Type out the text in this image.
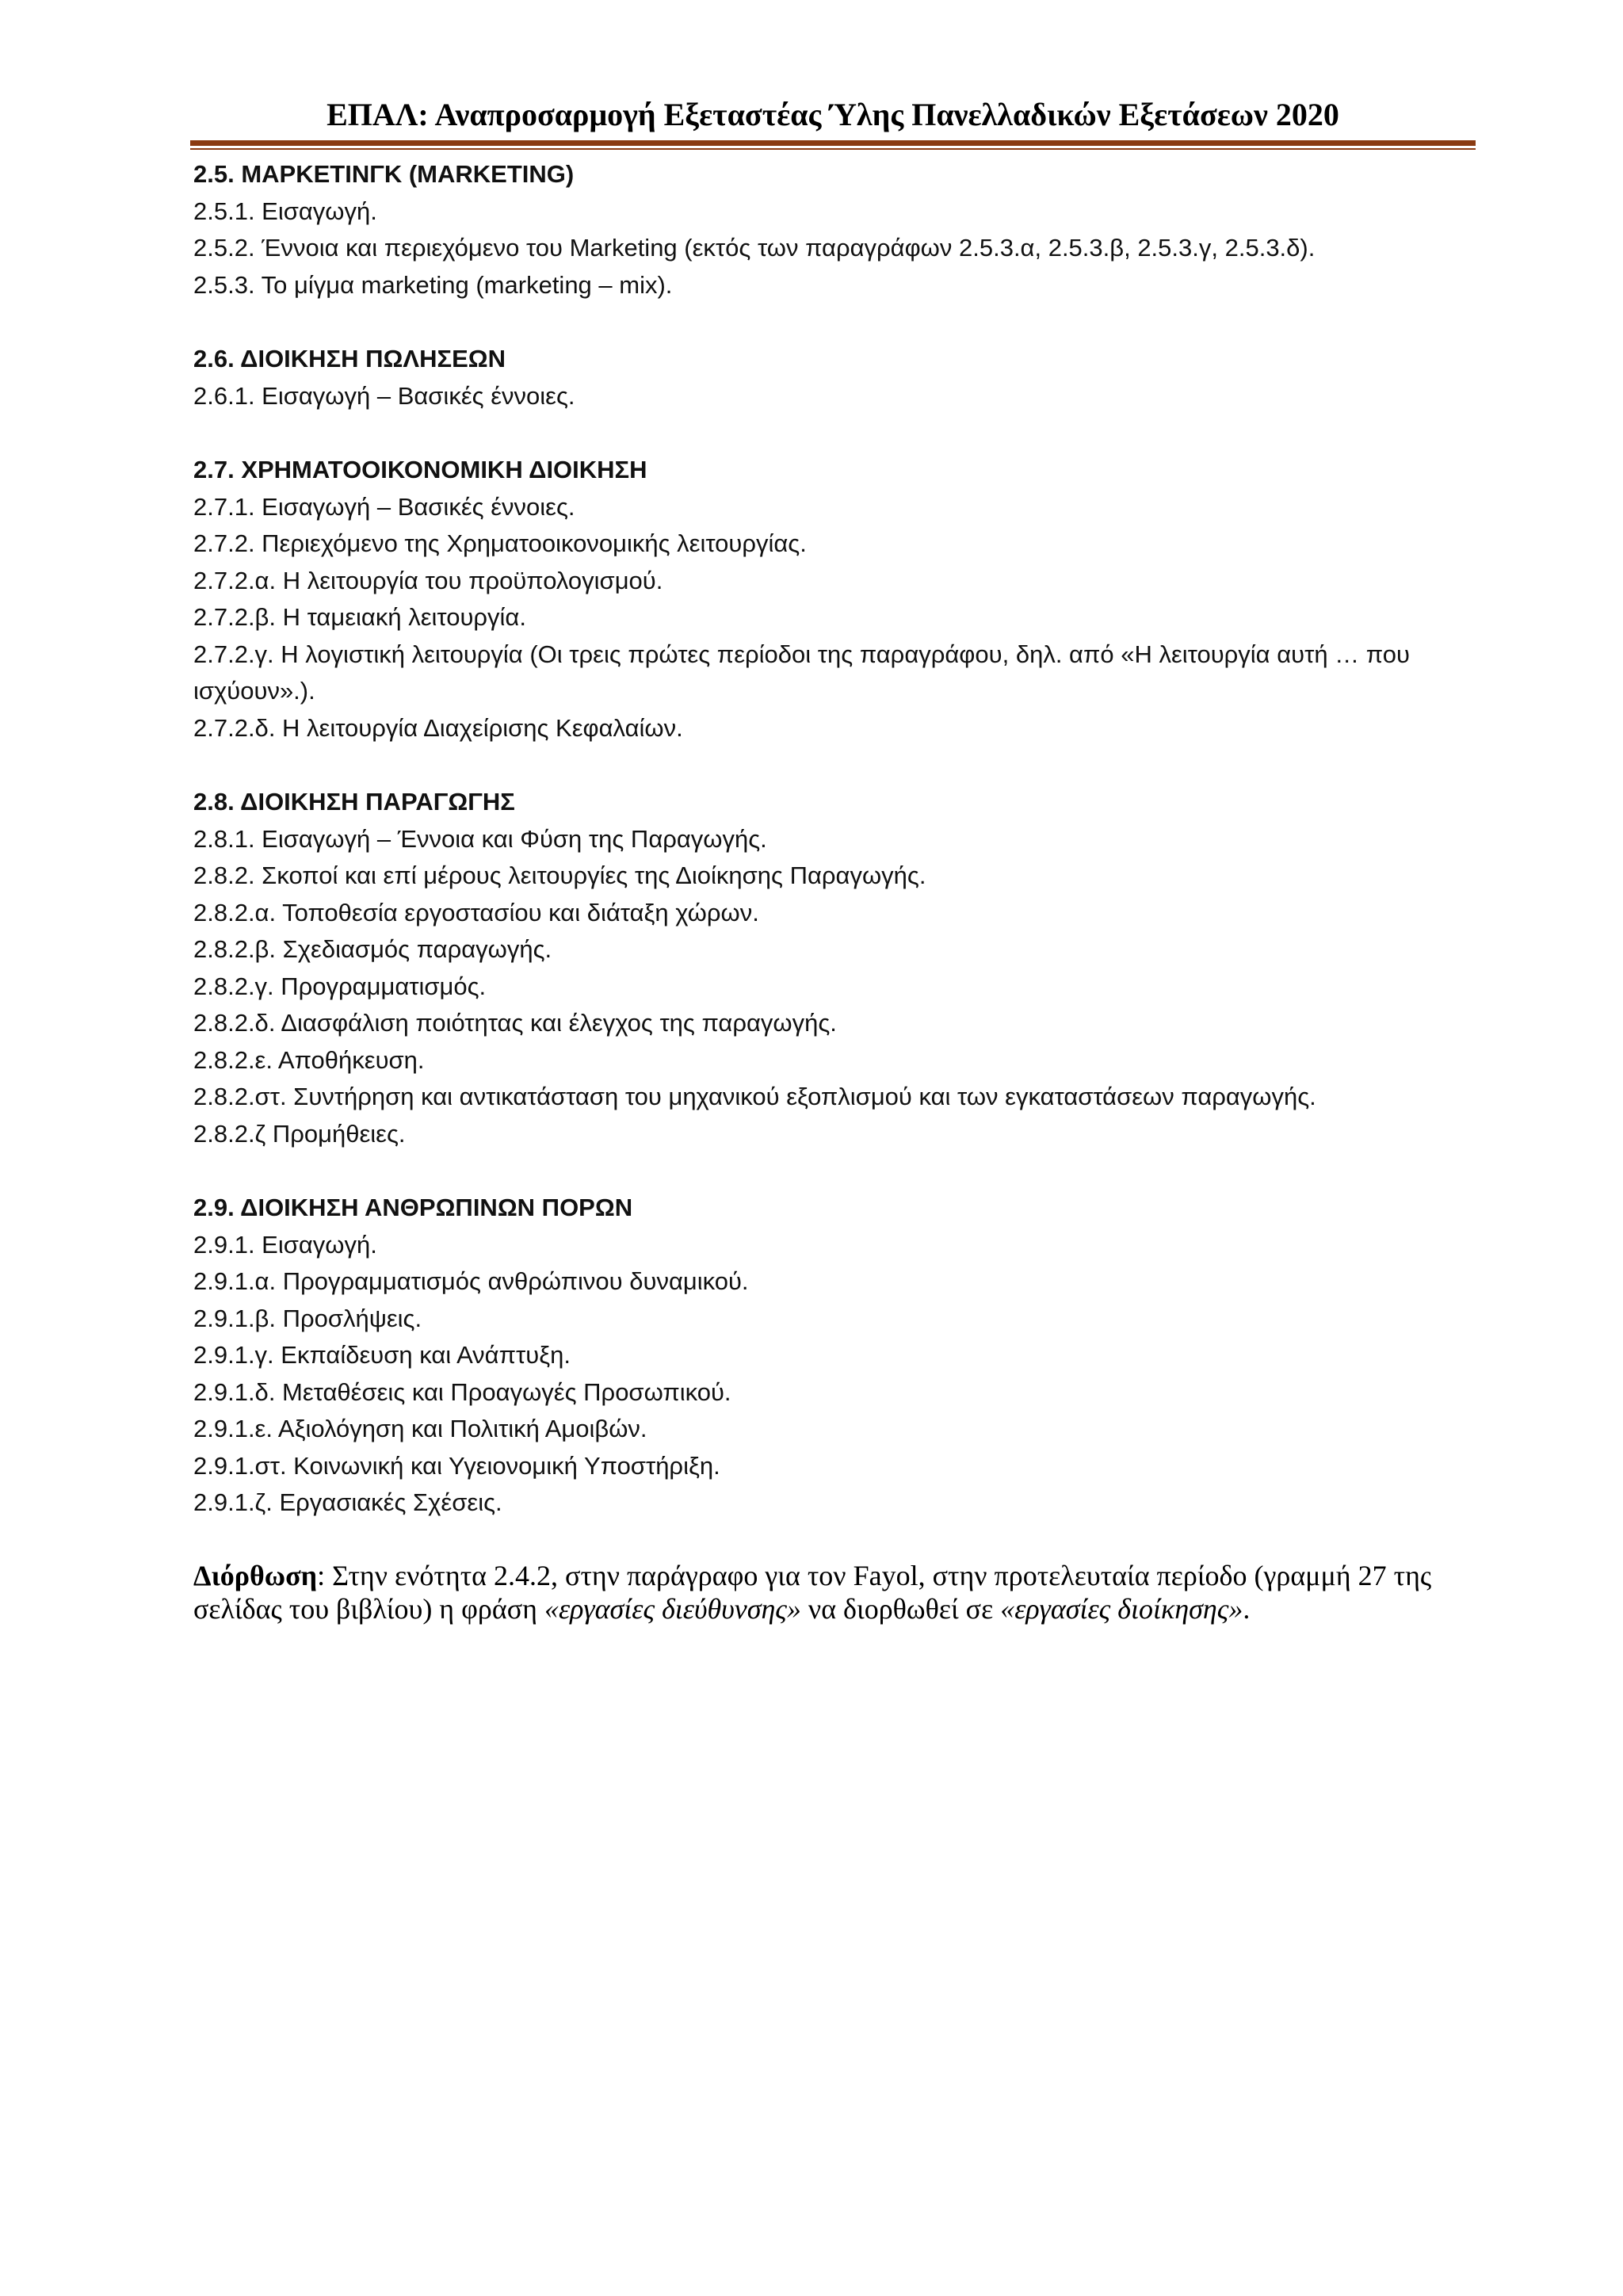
ΕΠΑΛ: Αναπροσαρμογή Εξεταστέας Ύλης Πανελλαδικών Εξετάσεων 2020
2.5. ΜΑΡΚΕΤΙΝΓΚ (MARKETING)
2.5.1. Εισαγωγή.
2.5.2. Έννοια και περιεχόμενο του Marketing (εκτός των παραγράφων 2.5.3.α, 2.5.3.β, 2.5.3.γ, 2.5.3.δ).
2.5.3. Το μίγμα marketing (marketing – mix).
2.6. ΔΙΟΙΚΗΣΗ ΠΩΛΗΣΕΩΝ
2.6.1. Εισαγωγή – Βασικές έννοιες.
2.7. ΧΡΗΜΑΤΟΟΙΚΟΝΟΜΙΚΗ ΔΙΟΙΚΗΣΗ
2.7.1. Εισαγωγή – Βασικές έννοιες.
2.7.2. Περιεχόμενο της Χρηματοοικονομικής λειτουργίας.
2.7.2.α. Η λειτουργία του προϋπολογισμού.
2.7.2.β. Η ταμειακή λειτουργία.
2.7.2.γ. Η λογιστική λειτουργία (Οι τρεις πρώτες περίοδοι της παραγράφου, δηλ. από «Η λειτουργία αυτή … που ισχύουν».).
2.7.2.δ. Η λειτουργία Διαχείρισης Κεφαλαίων.
2.8. ΔΙΟΙΚΗΣΗ ΠΑΡΑΓΩΓΗΣ
2.8.1. Εισαγωγή – Έννοια και Φύση της Παραγωγής.
2.8.2. Σκοποί και επί μέρους λειτουργίες της Διοίκησης Παραγωγής.
2.8.2.α. Τοποθεσία εργοστασίου και διάταξη χώρων.
2.8.2.β. Σχεδιασμός παραγωγής.
2.8.2.γ. Προγραμματισμός.
2.8.2.δ. Διασφάλιση ποιότητας και έλεγχος της παραγωγής.
2.8.2.ε. Αποθήκευση.
2.8.2.στ. Συντήρηση και αντικατάσταση του μηχανικού εξοπλισμού και των εγκαταστάσεων παραγωγής.
2.8.2.ζ Προμήθειες.
2.9. ΔΙΟΙΚΗΣΗ ΑΝΘΡΩΠΙΝΩΝ ΠΟΡΩΝ
2.9.1. Εισαγωγή.
2.9.1.α. Προγραμματισμός ανθρώπινου δυναμικού.
2.9.1.β. Προσλήψεις.
2.9.1.γ. Εκπαίδευση και Ανάπτυξη.
2.9.1.δ. Μεταθέσεις και Προαγωγές Προσωπικού.
2.9.1.ε. Αξιολόγηση και Πολιτική Αμοιβών.
2.9.1.στ. Κοινωνική και Υγειονομική Υποστήριξη.
2.9.1.ζ. Εργασιακές Σχέσεις.
Διόρθωση: Στην ενότητα 2.4.2, στην παράγραφο για τον Fayol, στην προτελευταία περίοδο (γραμμή 27 της σελίδας του βιβλίου) η φράση «εργασίες διεύθυνσης» να διορθωθεί σε «εργασίες διοίκησης».
